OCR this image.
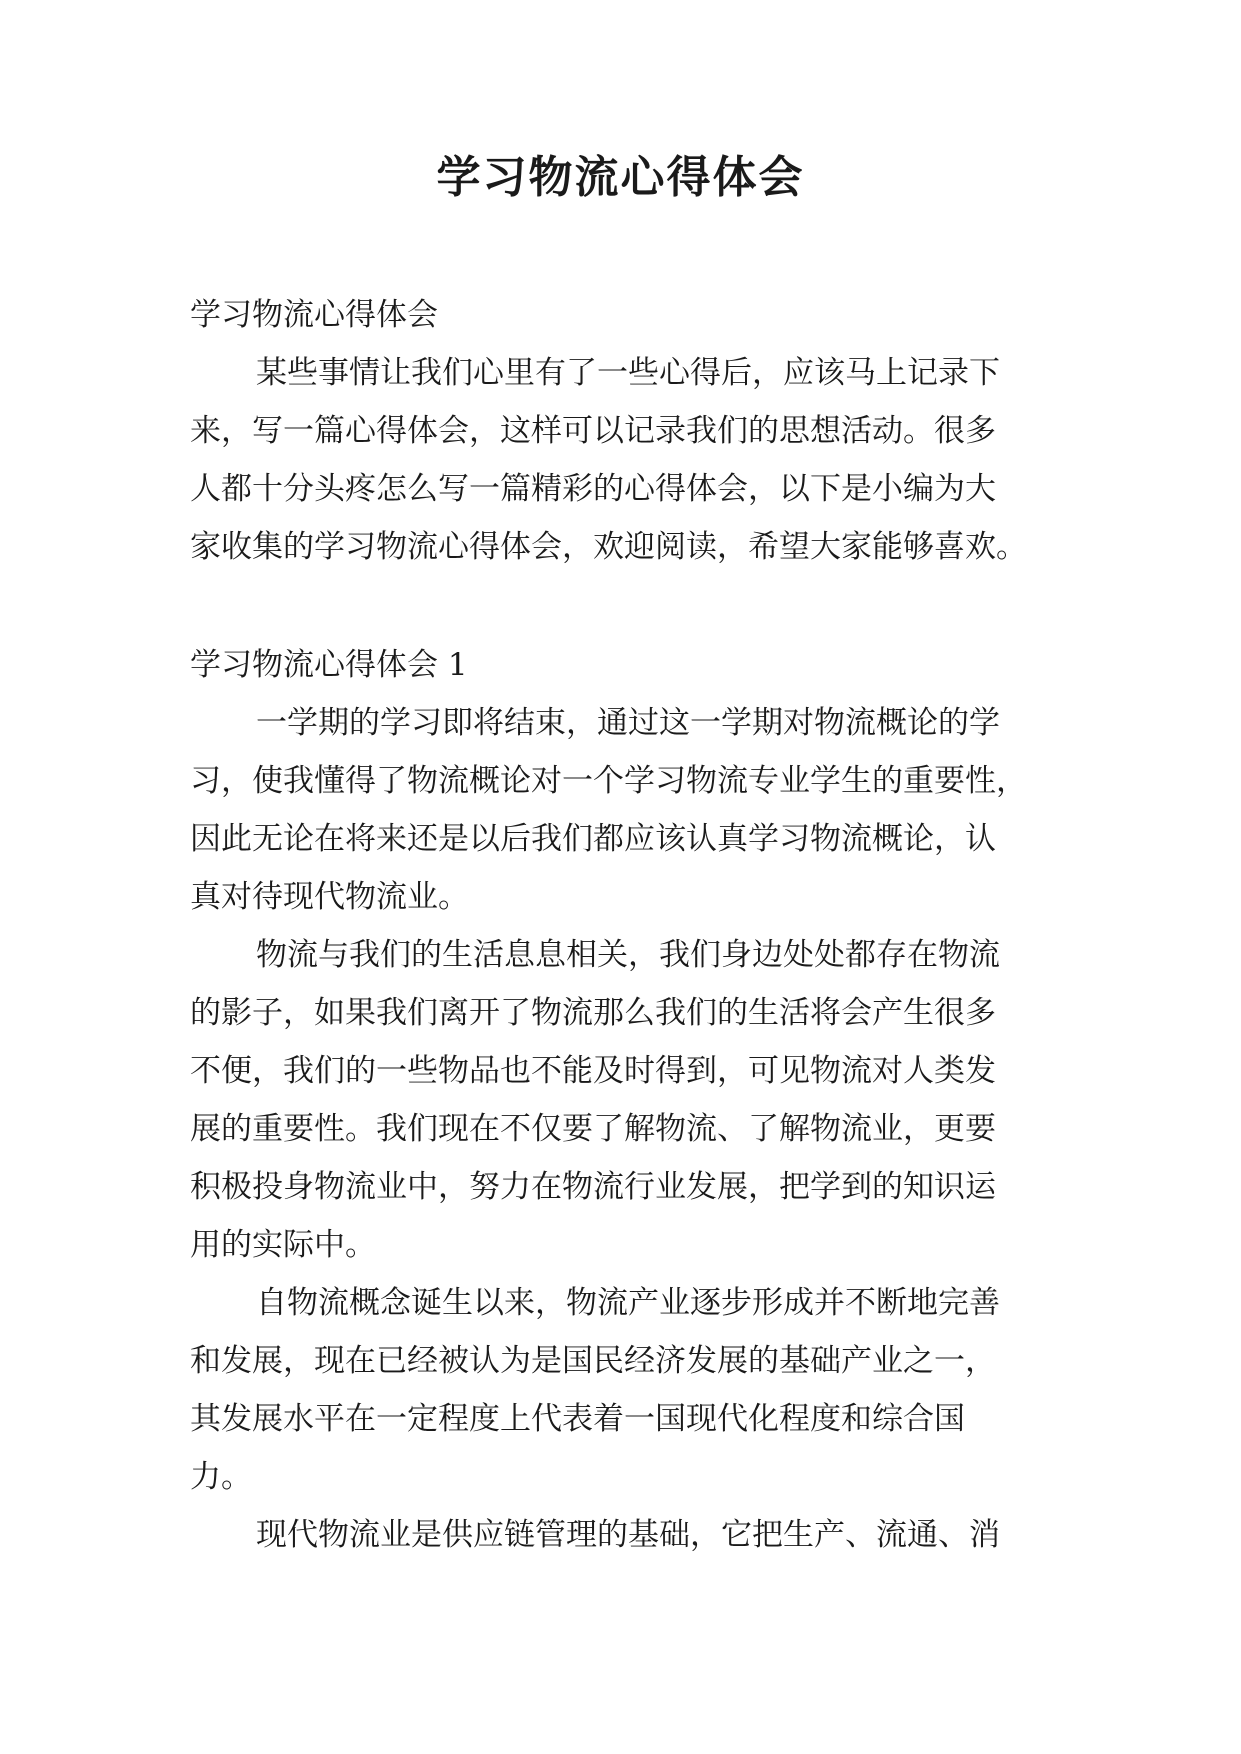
学习物流心得体会
学习物流心得体会
某些事情让我们心里有了一些心得后，应该马上记录下
来，写一篇心得体会，这样可以记录我们的思想活动。很多
人都十分头疼怎么写一篇精彩的心得体会，以下是小编为大
家收集的学习物流心得体会，欢迎阅读，希望大家能够喜欢。
学习物流心得体会 1
一学期的学习即将结束，通过这一学期对物流概论的学
习，使我懂得了物流概论对一个学习物流专业学生的重要性，
因此无论在将来还是以后我们都应该认真学习物流概论，认
真对待现代物流业。
物流与我们的生活息息相关，我们身边处处都存在物流
的影子，如果我们离开了物流那么我们的生活将会产生很多
不便，我们的一些物品也不能及时得到，可见物流对人类发
展的重要性。我们现在不仅要了解物流、了解物流业，更要
积极投身物流业中，努力在物流行业发展，把学到的知识运
用的实际中。
自物流概念诞生以来，物流产业逐步形成并不断地完善
和发展，现在已经被认为是国民经济发展的基础产业之一，
其发展水平在一定程度上代表着一国现代化程度和综合国
力。
现代物流业是供应链管理的基础，它把生产、流通、消
